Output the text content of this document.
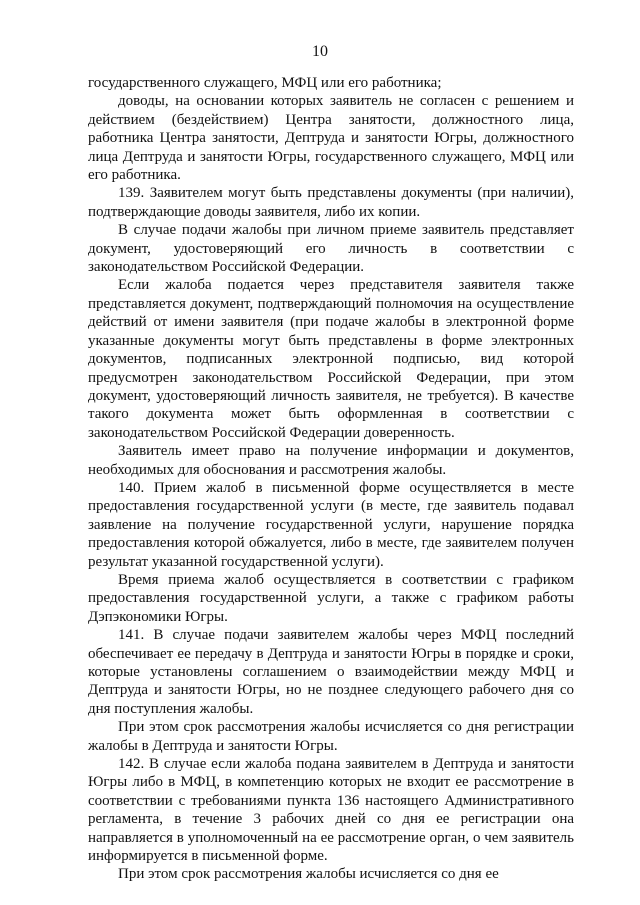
10

государственного служащего, МФЦ или его работника;

доводы, на основании которых заявитель не согласен с решением и действием (бездействием) Центра занятости, должностного лица, работника Центра занятости, Дептруда и занятости Югры, должностного лица Дептруда и занятости Югры, государственного служащего, МФЦ или его работника.

139. Заявителем могут быть представлены документы (при наличии), подтверждающие доводы заявителя, либо их копии.

В случае подачи жалобы при личном приеме заявитель представляет документ, удостоверяющий его личность в соответствии с законодательством Российской Федерации.

Если жалоба подается через представителя заявителя также представляется документ, подтверждающий полномочия на осуществление действий от имени заявителя (при подаче жалобы в электронной форме указанные документы могут быть представлены в форме электронных документов, подписанных электронной подписью, вид которой предусмотрен законодательством Российской Федерации, при этом документ, удостоверяющий личность заявителя, не требуется). В качестве такого документа может быть оформленная в соответствии с законодательством Российской Федерации доверенность.

Заявитель имеет право на получение информации и документов, необходимых для обоснования и рассмотрения жалобы.

140. Прием жалоб в письменной форме осуществляется в месте предоставления государственной услуги (в месте, где заявитель подавал заявление на получение государственной услуги, нарушение порядка предоставления которой обжалуется, либо в месте, где заявителем получен результат указанной государственной услуги).

Время приема жалоб осуществляется в соответствии с графиком предоставления государственной услуги, а также с графиком работы Дэпэкономики Югры.

141. В случае подачи заявителем жалобы через МФЦ последний обеспечивает ее передачу в Дептруда и занятости Югры в порядке и сроки, которые установлены соглашением о взаимодействии между МФЦ и Дептруда и занятости Югры, но не позднее следующего рабочего дня со дня поступления жалобы.

При этом срок рассмотрения жалобы исчисляется со дня регистрации жалобы в Дептруда и занятости Югры.

142. В случае если жалоба подана заявителем в Дептруда и занятости Югры либо в МФЦ, в компетенцию которых не входит ее рассмотрение в соответствии с требованиями пункта 136 настоящего Административного регламента, в течение 3 рабочих дней со дня ее регистрации она направляется в уполномоченный на ее рассмотрение орган, о чем заявитель информируется в письменной форме.

При этом срок рассмотрения жалобы исчисляется со дня ее
